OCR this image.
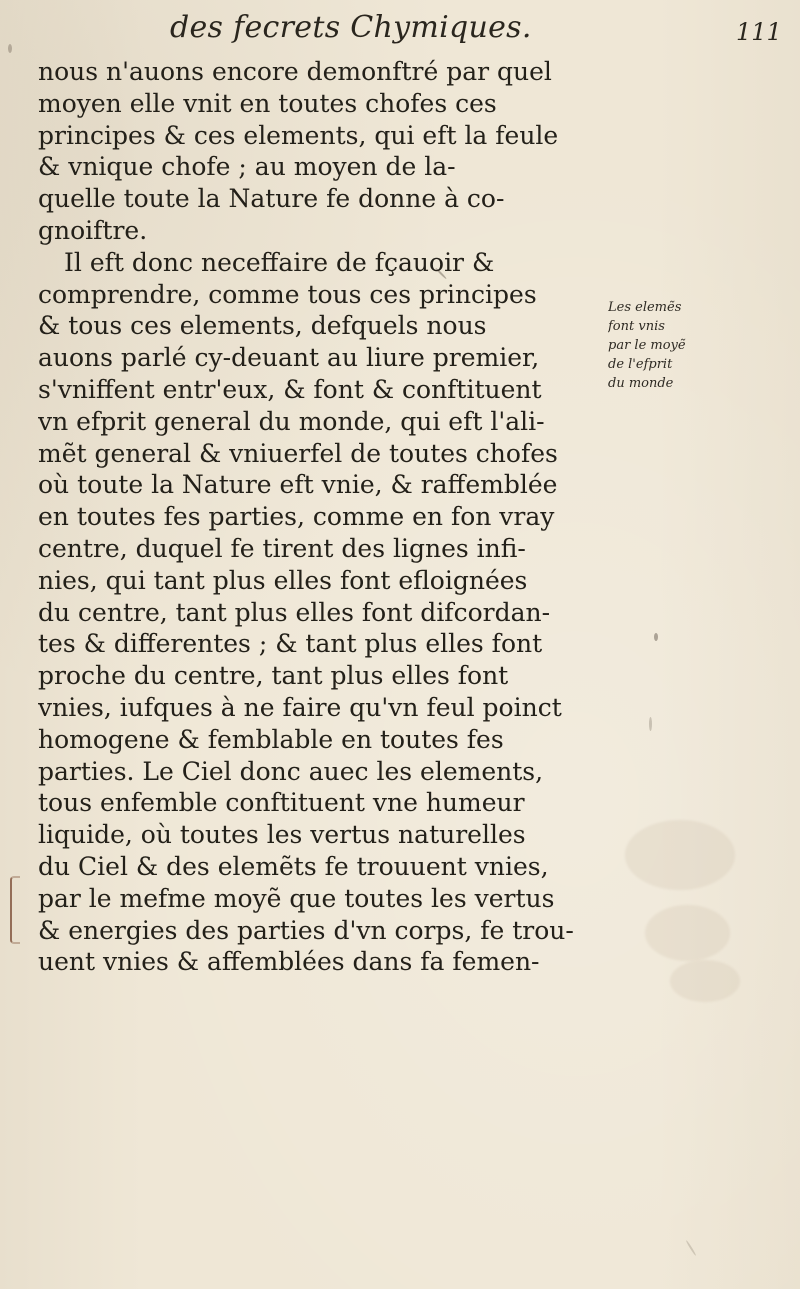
des fecrets Chymiques.	111
nous n'auons encore demonftré par quel
moyen elle vnit en toutes chofes ces
principes & ces elements, qui eft la feule
& vnique chofe ; au moyen de la-
quelle toute la Nature fe donne à co-
gnoiftre.
Il eft donc neceffaire de fçauoir &
comprendre, comme tous ces principes
& tous ces elements, defquels nous
auons parlé cy-deuant au liure premier,
s'vniffent entr'eux, & font & conftituent
vn efprit general du monde, qui eft l'ali-
mẽt general & vniuerfel de toutes chofes
où toute la Nature eft vnie, & raffemblée
en toutes fes parties, comme en fon vray
centre, duquel fe tirent des lignes infi-
nies, qui tant plus elles font efloignées
du centre, tant plus elles font difcordan-
tes & differentes ; & tant plus elles font
proche du centre, tant plus elles font
vnies, iufques à ne faire qu'vn feul poinct
homogene & femblable en toutes fes
parties. Le Ciel donc auec les elements,
tous enfemble conftituent vne humeur
liquide, où toutes les vertus naturelles
du Ciel & des elemẽts fe trouuent vnies,
par le mefme moyẽ que toutes les vertus
& energies des parties d'vn corps, fe trou-
uent vnies & affemblées dans fa femen-
Les elemẽs
font vnis
par le moyẽ
de l'efprit
du monde
